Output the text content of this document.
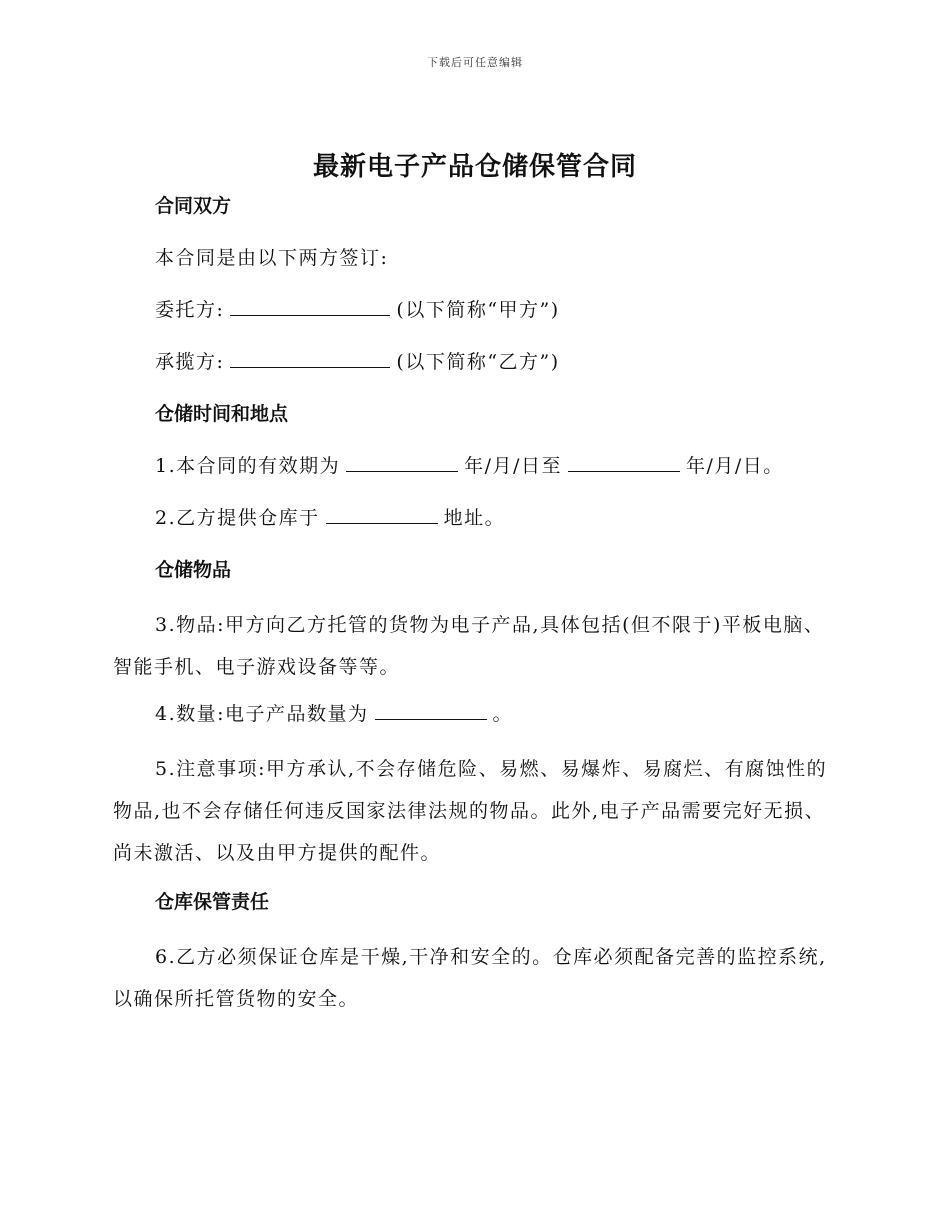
下载后可任意编辑
最新电子产品仓储保管合同
合同双方

本合同是由以下两方签订:

委托方:	(以下简称“甲方”)

承揽方:	(以下简称“乙方”)

仓储时间和地点

1.本合同的有效期为	年/月/日至	年/月/日。

2.乙方提供仓库于	地址。

仓储物品

3.物品:甲方向乙方托管的货物为电子产品,具体包括(但不限于)平板电脑、智能手机、电子游戏设备等等。

4.数量:电子产品数量为	。

5.注意事项:甲方承认,不会存储危险、易燃、易爆炸、易腐烂、有腐蚀性的物品,也不会存储任何违反国家法律法规的物品。此外,电子产品需要完好无损、尚未激活、以及由甲方提供的配件。

仓库保管责任

6.乙方必须保证仓库是干燥,干净和安全的。仓库必须配备完善的监控系统,以确保所托管货物的安全。
